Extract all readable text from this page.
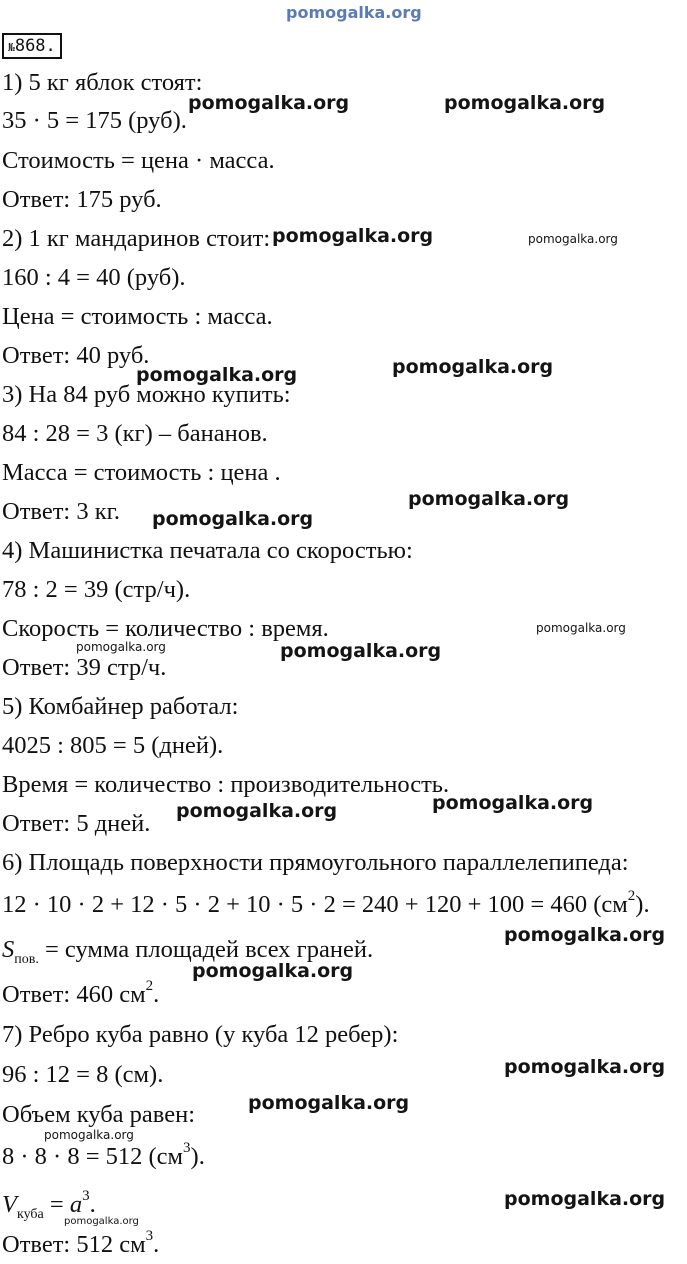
pomogalka.org

№868.

1) 5 кг яблок стоят:

35 · 5 = 175 (руб).

Стоимость = цена · масса.

Ответ: 175 руб.

2) 1 кг мандаринов стоит:

160 : 4 = 40 (руб).

Цена = стоимость : масса.

Ответ: 40 руб.

3) На 84 руб можно купить:

84 : 28 = 3 (кг) – бананов.

Масса = стоимость : цена .

Ответ: 3 кг.

4) Машинистка печатала со скоростью:

78 : 2 = 39 (стр/ч).

Скорость = количество : время.

Ответ: 39 стр/ч.

5) Комбайнер работал:

4025 : 805 = 5 (дней).

Время = количество : производительность.

Ответ: 5 дней.

6) Площадь поверхности прямоугольного параллелепипеда:

12 · 10 · 2 + 12 · 5 · 2 + 10 · 5 · 2 = 240 + 120 + 100 = 460 $(см^2)$.

$S_{пов.}$ = сумма площадей всех граней.

Ответ: 460 $см^2$.

7) Ребро куба равно (у куба 12 ребер):

96 : 12 = 8 (см).

Объем куба равен:

8 · 8 · 8 = 512 $(см^3)$.

$V_{куба} = a^3$.

Ответ: 512 $см^3$.

pomogalka.org	pomogalka.org

pomogalka.org	pomogalka.org

pomogalka.org	pomogalka.org

pomogalka.org

pomogalka.org

pomogalka.org

pomogalka.org	pomogalka.org

pomogalka.org	pomogalka.org

pomogalka.org

pomogalka.org

pomogalka.org

pomogalka.org

pomogalka.org

pomogalka.org

pomogalka.org
